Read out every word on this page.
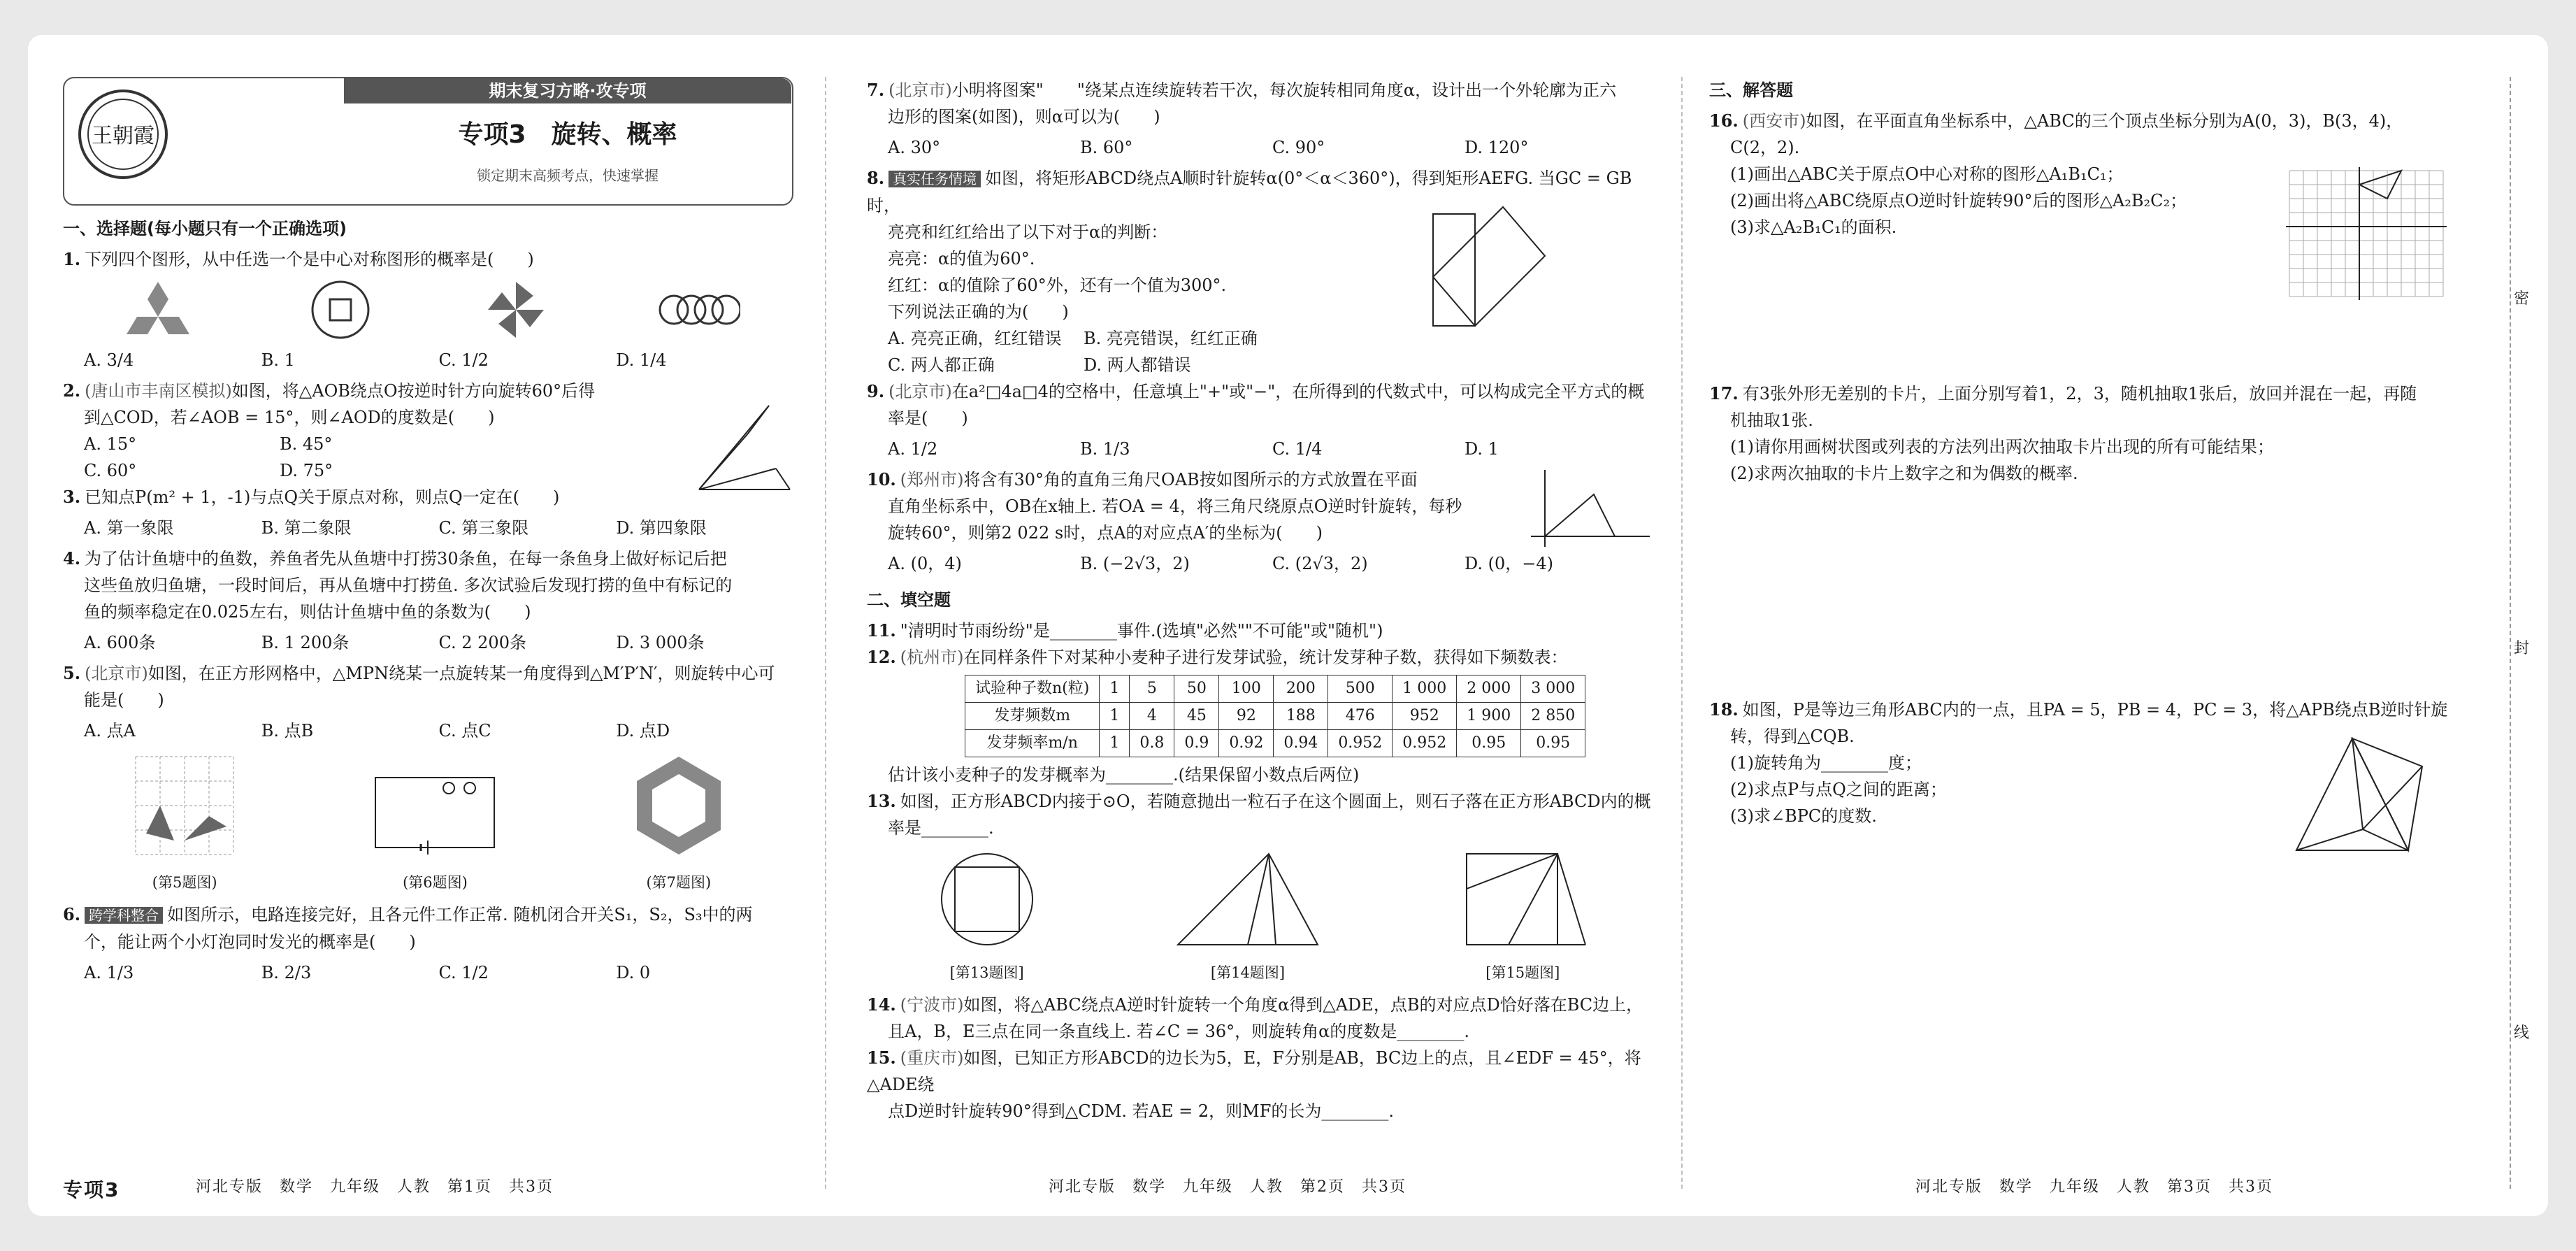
王朝霞
期末复习方略·攻专项
专项3　旋转、概率
锁定期末高频考点，快速掌握
一、选择题(每小题只有一个正确选项)
1. 下列四个图形，从中任选一个是中心对称图形的概率是(　　)
A. 3/4	B. 1	C. 1/2	D. 1/4
2. (唐山市丰南区模拟)如图，将△AOB绕点O按逆时针方向旋转60°后得
到△COD，若∠AOB = 15°，则∠AOD的度数是(　　)
A. 15°	B. 45°
C. 60°	D. 75°
3. 已知点P(m² + 1，-1)与点Q关于原点对称，则点Q一定在(　　)
A. 第一象限	B. 第二象限	C. 第三象限	D. 第四象限
4. 为了估计鱼塘中的鱼数，养鱼者先从鱼塘中打捞30条鱼，在每一条鱼身上做好标记后把
这些鱼放归鱼塘，一段时间后，再从鱼塘中打捞鱼. 多次试验后发现打捞的鱼中有标记的
鱼的频率稳定在0.025左右，则估计鱼塘中鱼的条数为(　　)
A. 600条	B. 1 200条	C. 2 200条	D. 3 000条
5. (北京市)如图，在正方形网格中，△MPN绕某一点旋转某一角度得到△M′P′N′，则旋转中心可
能是(　　)
A. 点A	B. 点B	C. 点C	D. 点D
(第5题图)	(第6题图)	(第7题图)
6. 跨学科整合 如图所示，电路连接完好，且各元件工作正常. 随机闭合开关S₁，S₂，S₃中的两
个，能让两个小灯泡同时发光的概率是(　　)
A. 1/3	B. 2/3	C. 1/2	D. 0
7. (北京市)小明将图案"　　"绕某点连续旋转若干次，每次旋转相同角度α，设计出一个外轮廓为正六
边形的图案(如图)，则α可以为(　　)
A. 30°	B. 60°	C. 90°	D. 120°
8. 真实任务情境 如图，将矩形ABCD绕点A顺时针旋转α(0°＜α＜360°)，得到矩形AEFG. 当GC = GB时，
亮亮和红红给出了以下对于α的判断：
亮亮：α的值为60°.
红红：α的值除了60°外，还有一个值为300°.
下列说法正确的为(　　)
A. 亮亮正确，红红错误	B. 亮亮错误，红红正确
C. 两人都正确	D. 两人都错误
9. (北京市)在a²□4a□4的空格中，任意填上"+"或"−"，在所得到的代数式中，可以构成完全平方式的概
率是(　　)
A. 1/2	B. 1/3	C. 1/4	D. 1
10. (郑州市)将含有30°角的直角三角尺OAB按如图所示的方式放置在平面
直角坐标系中，OB在x轴上. 若OA = 4，将三角尺绕原点O逆时针旋转，每秒
旋转60°，则第2 022 s时，点A的对应点A′的坐标为(　　)
A. (0，4)	B. (−2√3，2)	C. (2√3，2)	D. (0，−4)
二、填空题
11. "清明时节雨纷纷"是________事件.(选填"必然""不可能"或"随机")
12. (杭州市)在同样条件下对某种小麦种子进行发芽试验，统计发芽种子数，获得如下频数表：
试验种子数n(粒)	1	5	50	100	200	500	1 000	2 000	3 000
发芽频数m	1	4	45	92	188	476	952	1 900	2 850
发芽频率m/n	1	0.8	0.9	0.92	0.94	0.952	0.952	0.95	0.95
估计该小麦种子的发芽概率为________.(结果保留小数点后两位)
13. 如图，正方形ABCD内接于⊙O，若随意抛出一粒石子在这个圆面上，则石子落在正方形ABCD内的概
率是________.
[第13题图]	[第14题图]	[第15题图]
14. (宁波市)如图，将△ABC绕点A逆时针旋转一个角度α得到△ADE，点B的对应点D恰好落在BC边上，
且A，B，E三点在同一条直线上. 若∠C = 36°，则旋转角α的度数是________.
15. (重庆市)如图，已知正方形ABCD的边长为5，E，F分别是AB，BC边上的点，且∠EDF = 45°，将△ADE绕
点D逆时针旋转90°得到△CDM. 若AE = 2，则MF的长为________.
三、解答题
16. (西安市)如图，在平面直角坐标系中，△ABC的三个顶点坐标分别为A(0，3)，B(3，4)，
C(2，2).
(1)画出△ABC关于原点O中心对称的图形△A₁B₁C₁；
(2)画出将△ABC绕原点O逆时针旋转90°后的图形△A₂B₂C₂；
(3)求△A₂B₁C₁的面积.
17. 有3张外形无差别的卡片，上面分别写着1，2，3，随机抽取1张后，放回并混在一起，再随
机抽取1张.
(1)请你用画树状图或列表的方法列出两次抽取卡片出现的所有可能结果；
(2)求两次抽取的卡片上数字之和为偶数的概率.
18. 如图，P是等边三角形ABC内的一点，且PA = 5，PB = 4，PC = 3，将△APB绕点B逆时针旋
转，得到△CQB.
(1)旋转角为________度；
(2)求点P与点Q之间的距离；
(3)求∠BPC的度数.
密
封
线
专项3	河北专版　数学　九年级　人教　第1页　共3页	河北专版　数学　九年级　人教　第2页　共3页	河北专版　数学　九年级　人教　第3页　共3页
